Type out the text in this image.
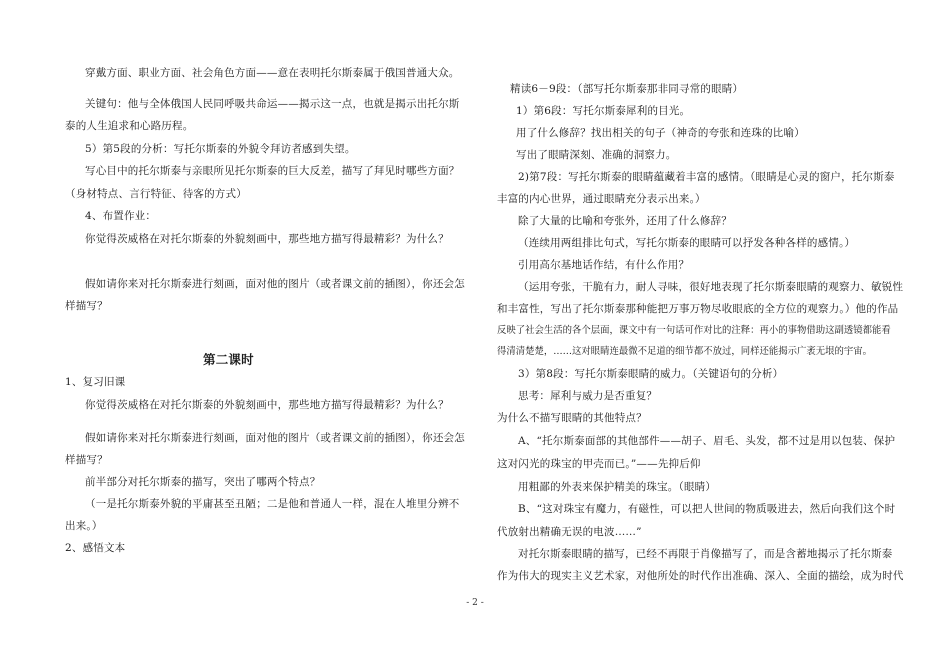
- 2 -
穿戴方面、职业方面、社会角色方面——意在表明托尔斯泰属于俄国普通大众。
关键句：他与全体俄国人民同呼吸共命运——揭示这一点，也就是揭示出托尔斯
泰的人生追求和心路历程。
5）第5段的分析：写托尔斯泰的外貌令拜访者感到失望。
写心目中的托尔斯泰与亲眼所见托尔斯泰的巨大反差，描写了拜见时哪些方面？
（身材特点、言行特征、待客的方式）
4、布置作业：
你觉得茨威格在对托尔斯泰的外貌刻画中，那些地方描写得最精彩？为什么？
假如请你来对托尔斯泰进行刻画，面对他的图片（或者课文前的插图），你还会怎
样描写？
第二课时
1、复习旧课
你觉得茨威格在对托尔斯泰的外貌刻画中，那些地方描写得最精彩？为什么？
假如请你来对托尔斯泰进行刻画，面对他的图片（或者课文前的插图），你还会怎
样描写？
前半部分对托尔斯泰的描写，突出了哪两个特点？
（一是托尔斯泰外貌的平庸甚至丑陋；二是他和普通人一样，混在人堆里分辨不
出来。）
2、感悟文本
精读6－9段：（部写托尔斯泰那非同寻常的眼睛）
1）第6段：写托尔斯泰犀利的目光。
用了什么修辞？找出相关的句子（神奇的夸张和连珠的比喻）
写出了眼睛深刻、准确的洞察力。
2)第7段：写托尔斯泰的眼睛蕴藏着丰富的感情。（眼睛是心灵的窗户，托尔斯泰
丰富的内心世界，通过眼睛充分表示出来。）
除了大量的比喻和夸张外，还用了什么修辞？
（连续用两组排比句式，写托尔斯泰的眼睛可以抒发各种各样的感情。）
引用高尔基地话作结，有什么作用？
（运用夸张，干脆有力，耐人寻味，很好地表现了托尔斯泰眼睛的观察力、敏锐性
和丰富性，写出了托尔斯泰那种能把万事万物尽收眼底的全方位的观察力。）他的作品
反映了社会生活的各个层面，课文中有一句话可作对比的注释：再小的事物借助这副透镜都能看
得清清楚楚，……这对眼睛连最微不足道的细节都不放过，同样还能揭示广袤无垠的宇宙。
3）第8段：写托尔斯泰眼睛的威力。（关键语句的分析）
思考：犀利与威力是否重复？
为什么不描写眼睛的其他特点？
A、“托尔斯泰面部的其他部件——胡子、眉毛、头发，都不过是用以包装、保护
这对闪光的珠宝的甲壳而已。”——先抑后仰
用粗鄙的外表来保护精美的珠宝。（眼睛）
B、“这对珠宝有魔力，有磁性，可以把人世间的物质吸进去，然后向我们这个时
代放射出精确无误的电波……”
对托尔斯泰眼睛的描写，已经不再限于肖像描写了，而是含蓄地揭示了托尔斯泰
作为伟大的现实主义艺术家，对他所处的时代作出准确、深入、全面的描绘，成为时代
